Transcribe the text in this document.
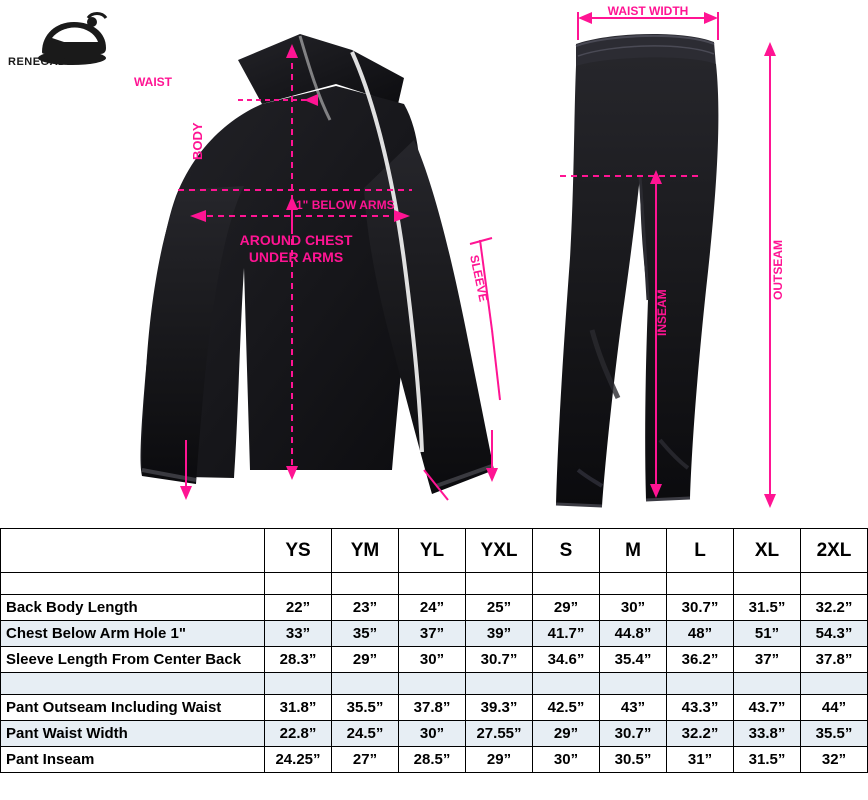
BODY
1" BELOW ARMS
AROUND CHEST
UNDER ARMS	SLEEVE
WAIST
WAIST WIDTH
INSEAM
OUTSEAM
RENEGADE
	YS	YM	YL	YXL	S	M	L	XL	2XL

Back Body Length	22”	23”	24”	25”	29”	30”	30.7”	31.5”	32.2”
Chest Below Arm Hole 1"	33”	35”	37”	39”	41.7”	44.8”	48”	51”	54.3”
Sleeve Length From Center Back	28.3”	29”	30”	30.7”	34.6”	35.4”	36.2”	37”	37.8”

Pant Outseam Including Waist	31.8”	35.5”	37.8”	39.3”	42.5”	43”	43.3”	43.7”	44”
Pant Waist Width	22.8”	24.5”	30”	27.55”	29”	30.7”	32.2”	33.8”	35.5”
Pant Inseam	24.25”	27”	28.5”	29”	30”	30.5”	31”	31.5”	32”
